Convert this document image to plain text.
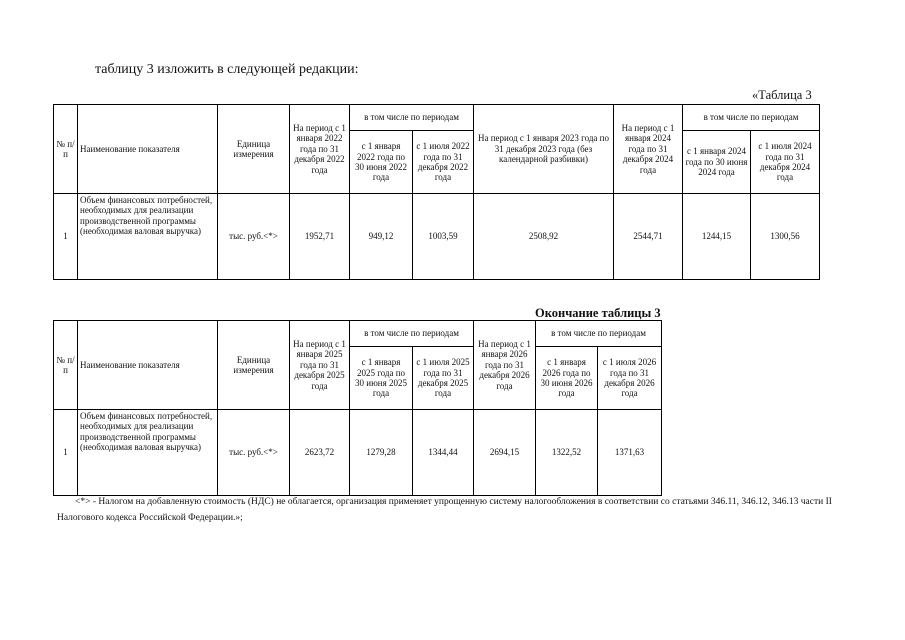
таблицу 3 изложить в следующей редакции:
«Таблица 3
№ п/п	Наименование показателя	Единица измерения	На период с 1 января 2022 года по 31 декабря 2022 года	в том числе по периодам		На период с 1 января 2023 года по 31 декабря 2023 года (без календарной разбивки)	На период с 1 января 2024 года по 31 декабря 2024 года	в том числе по периодам	
				с 1 января 2022 года по 30 июня 2022 года	с 1 июля 2022 года по 31 декабря 2022 года			с 1 января 2024 года по 30 июня 2024 года	с 1 июля 2024 года по 31 декабря 2024 года
1	Объем финансовых потребностей, необходимых для реализации производственной программы (необходимая валовая выручка)	тыс. руб.<*>	1952,71	949,12	1003,59	2508,92	2544,71	1244,15	1300,56
Окончание таблицы 3
№ п/п	Наименование показателя	Единица измерения	На период с 1 января 2025 года по 31 декабря 2025 года	в том числе по периодам		На период с 1 января 2026 года по 31 декабря 2026 года	в том числе по периодам	
				с 1 января 2025 года по 30 июня 2025 года	с 1 июля 2025 года по 31 декабря 2025 года		с 1 января 2026 года по 30 июня 2026 года	с 1 июля 2026 года по 31 декабря 2026 года
1	Объем финансовых потребностей, необходимых для реализации производственной программы (необходимая валовая выручка)	тыс. руб.<*>	2623,72	1279,28	1344,44	2694,15	1322,52	1371,63
<*> - Налогом на добавленную стоимость (НДС) не облагается, организация применяет упрощенную систему налогообложения в соответствии со статьями 346.11, 346.12, 346.13 части II Налогового кодекса Российской Федерации.»;
